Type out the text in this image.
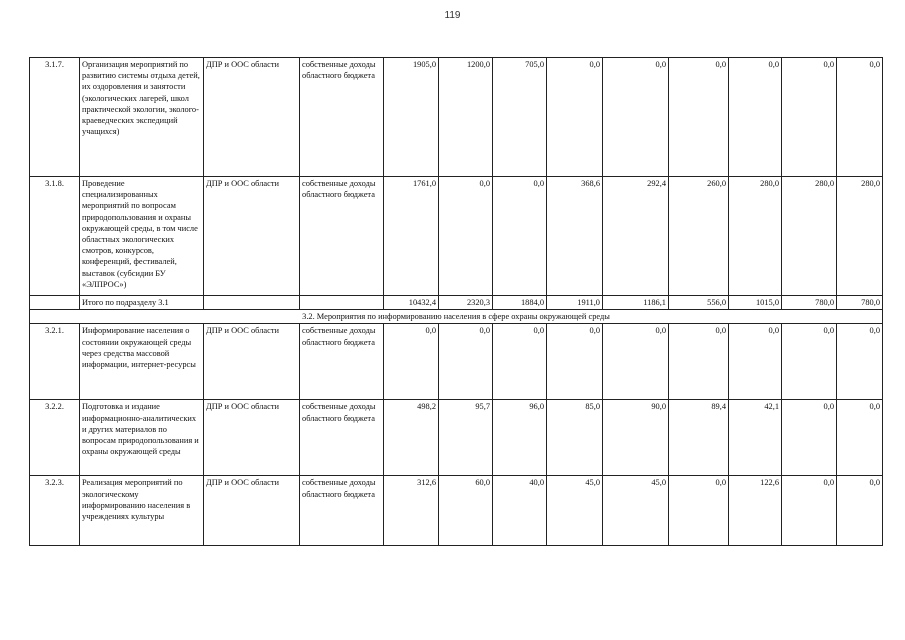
119
3.1.7.	Организация мероприятий по развитию системы отдыха детей, их оздоровления и занятости (экологических лагерей, школ практической экологии, эколого-краеведческих экспедиций учащихся)	ДПР и ООС области	собственные доходы областного бюджета	1905,0	1200,0	705,0	0,0	0,0	0,0	0,0	0,0	0,0
3.1.8.	Проведение специализированных мероприятий по вопросам природопользования и охраны окружающей среды, в том числе областных экологических смотров, конкурсов, конференций, фестивалей, выставок (субсидии БУ «ЭЛПРОС»)	ДПР и ООС области	собственные доходы областного бюджета	1761,0	0,0	0,0	368,6	292,4	260,0	280,0	280,0	280,0
	Итого по подразделу 3.1			10432,4	2320,3	1884,0	1911,0	1186,1	556,0	1015,0	780,0	780,0
3.2. Мероприятия по информированию населения в сфере охраны окружающей среды												
3.2.1.	Информирование населения о состоянии окружающей среды через средства массовой информации, интернет-ресурсы	ДПР и ООС области	собственные доходы областного бюджета	0,0	0,0	0,0	0,0	0,0	0,0	0,0	0,0	0,0
3.2.2.	Подготовка и издание информационно-аналитических и других материалов по вопросам природопользования и охраны окружающей среды	ДПР и ООС области	собственные доходы областного бюджета	498,2	95,7	96,0	85,0	90,0	89,4	42,1	0,0	0,0
3.2.3.	Реализация мероприятий по экологическому информированию населения в учреждениях культуры	ДПР и ООС области	собственные доходы областного бюджета	312,6	60,0	40,0	45,0	45,0	0,0	122,6	0,0	0,0
